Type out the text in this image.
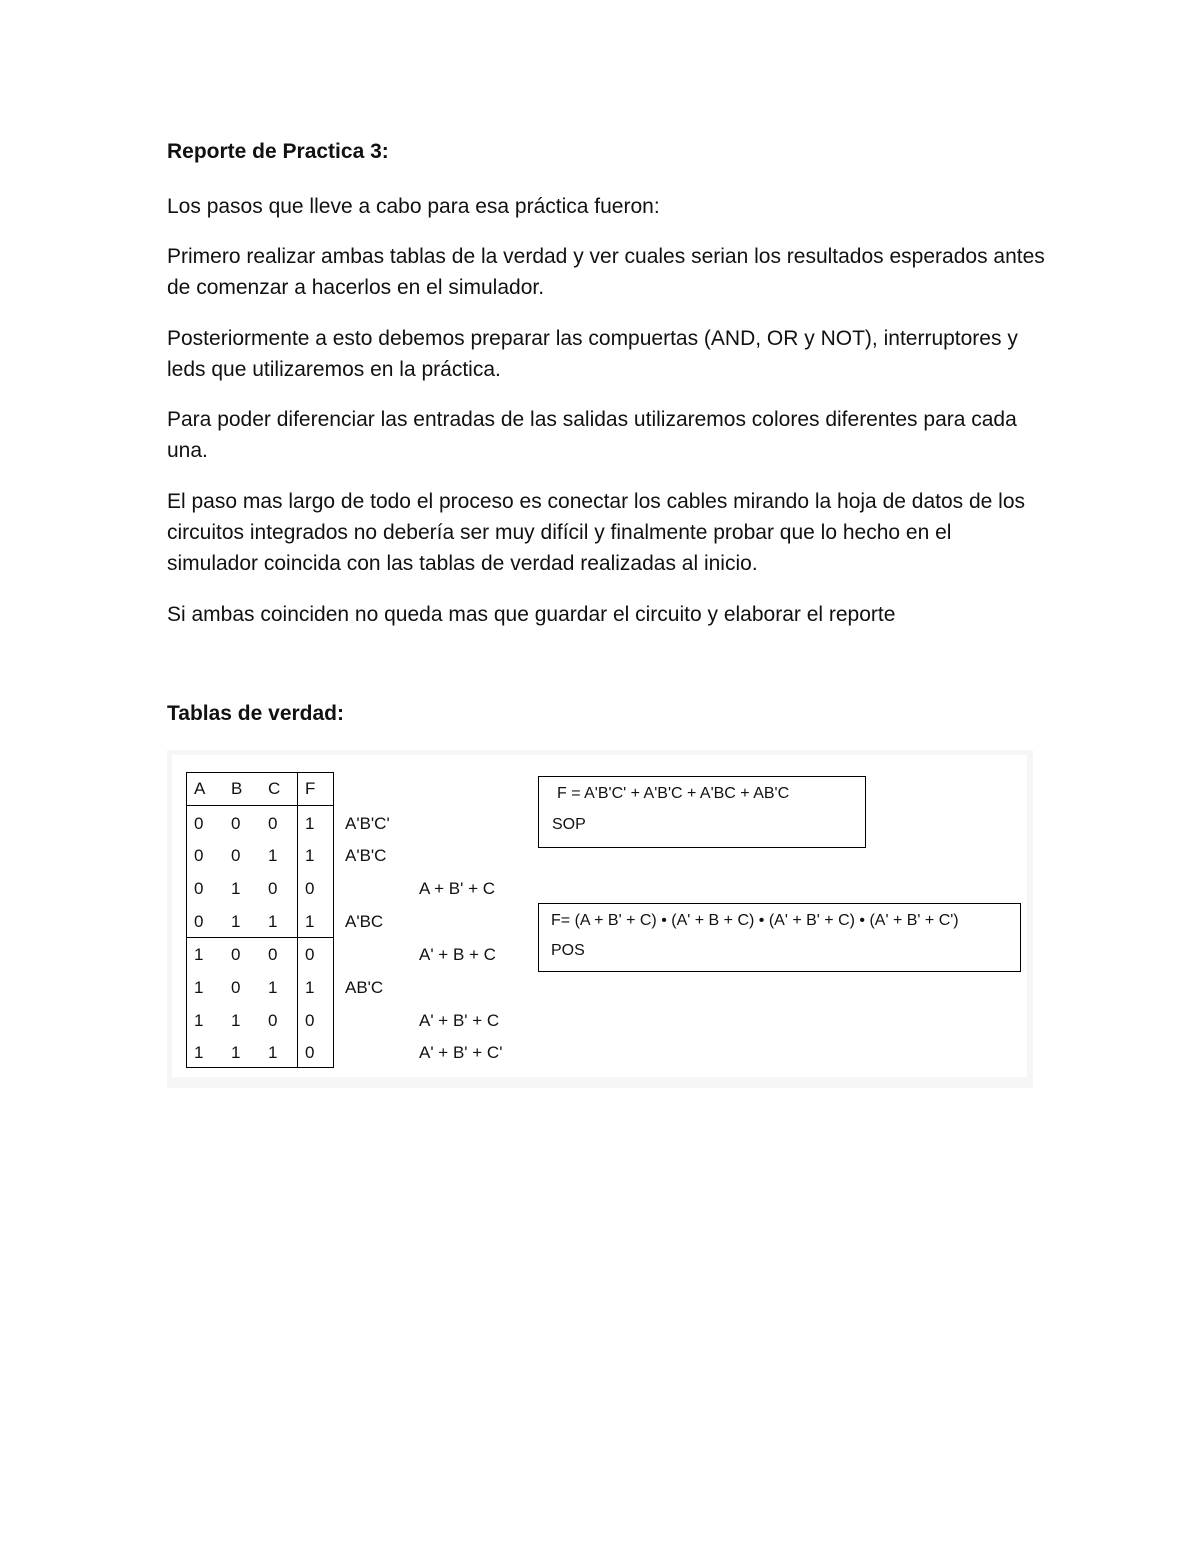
Reporte de Practica 3:

Los pasos que lleve a cabo para esa práctica fueron:

Primero realizar ambas tablas de la verdad y ver cuales serian los resultados esperados antes de comenzar a hacerlos en el simulador.

Posteriormente a esto debemos preparar las compuertas (AND, OR y NOT), interruptores y leds que utilizaremos en la práctica.

Para poder diferenciar las entradas de las salidas utilizaremos colores diferentes para cada una.

El paso mas largo de todo el proceso es conectar los cables mirando la hoja de datos de los circuitos integrados no debería ser muy difícil y finalmente probar que lo hecho en el simulador coincida con las tablas de verdad realizadas al inicio.

Si ambas coinciden no queda mas que guardar el circuito y elaborar el reporte

Tablas de verdad:
A	B	C	F
0	0	0	1	A'B'C'
0	0	1	1	A'B'C
0	1	0	0	A + B' + C
0	1	1	1	A'BC
1	0	0	0	A' + B + C
1	0	1	1	AB'C
1	1	0	0	A' + B' + C
1	1	1	0	A' + B' + C'
F = A'B'C' + A'B'C + A'BC + AB'C
SOP
F= (A + B' + C) • (A' + B + C) • (A' + B' + C) • (A' + B' + C')
POS
